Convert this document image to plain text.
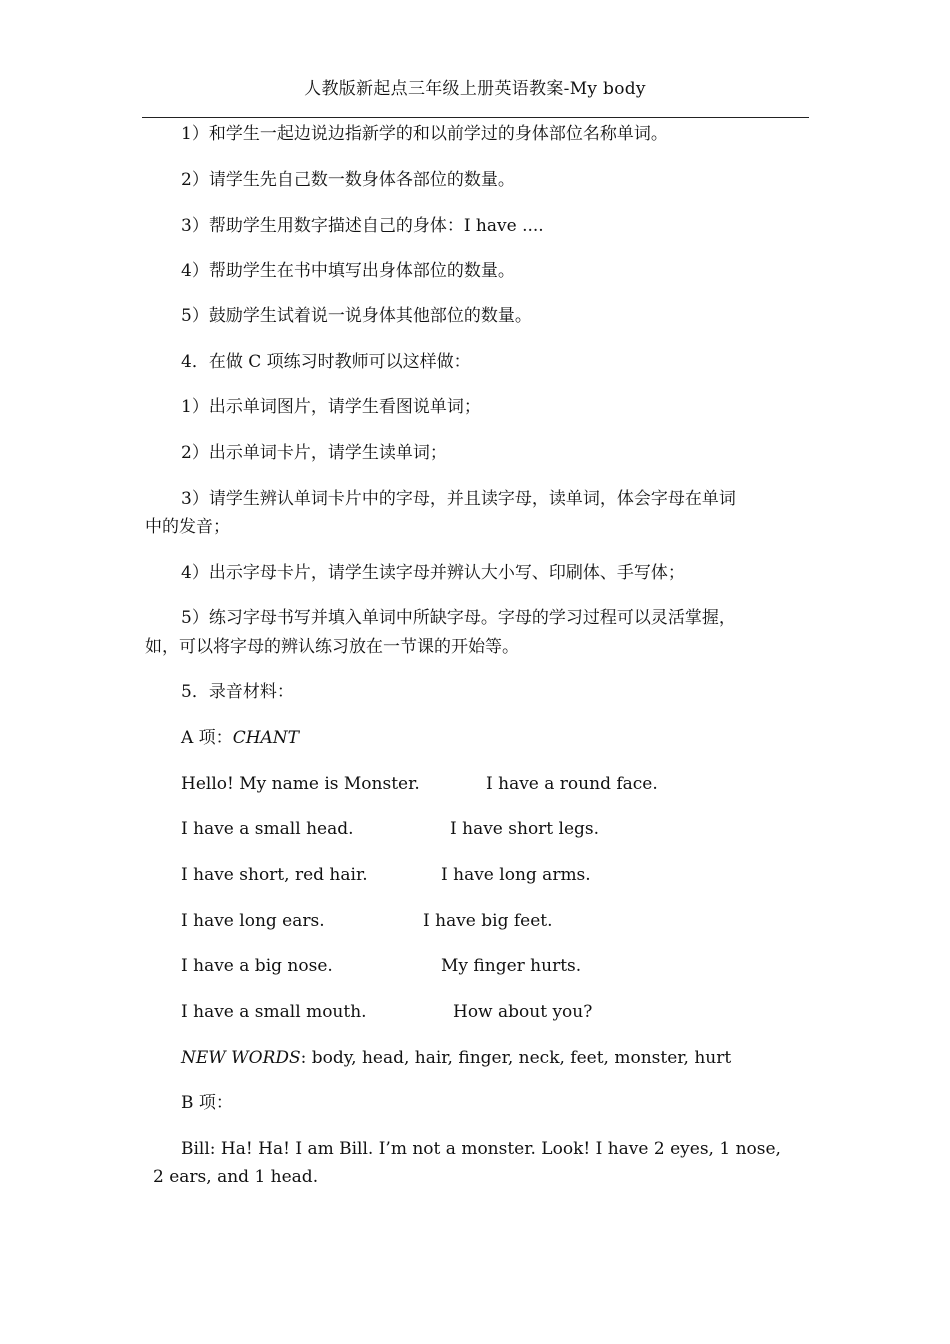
人教版新起点三年级上册英语教案-My body
1）和学生一起边说边指新学的和以前学过的身体部位名称单词。
2）请学生先自己数一数身体各部位的数量。
3）帮助学生用数字描述自己的身体：I have ....
4）帮助学生在书中填写出身体部位的数量。
5）鼓励学生试着说一说身体其他部位的数量。
4．在做 C 项练习时教师可以这样做：
1）出示单词图片，请学生看图说单词；
2）出示单词卡片，请学生读单词；
3）请学生辨认单词卡片中的字母，并且读字母，读单词，体会字母在单词
中的发音；
4）出示字母卡片，请学生读字母并辨认大小写、印刷体、手写体；
5）练习字母书写并填入单词中所缺字母。字母的学习过程可以灵活掌握，
如，可以将字母的辨认练习放在一节课的开始等。
5．录音材料：
A 项：CHANT
Hello! My name is Monster.	I have a round face.
I have a small head.	I have short legs.
I have short, red hair.	I have long arms.
I have long ears.	I have big feet.
I have a big nose.	My finger hurts.
I have a small mouth.	How about you?
NEW WORDS: body, head, hair, finger, neck, feet, monster, hurt
B 项：
Bill: Ha! Ha! I am Bill. I’m not a monster. Look! I have 2 eyes, 1 nose,
2 ears, and 1 head.
